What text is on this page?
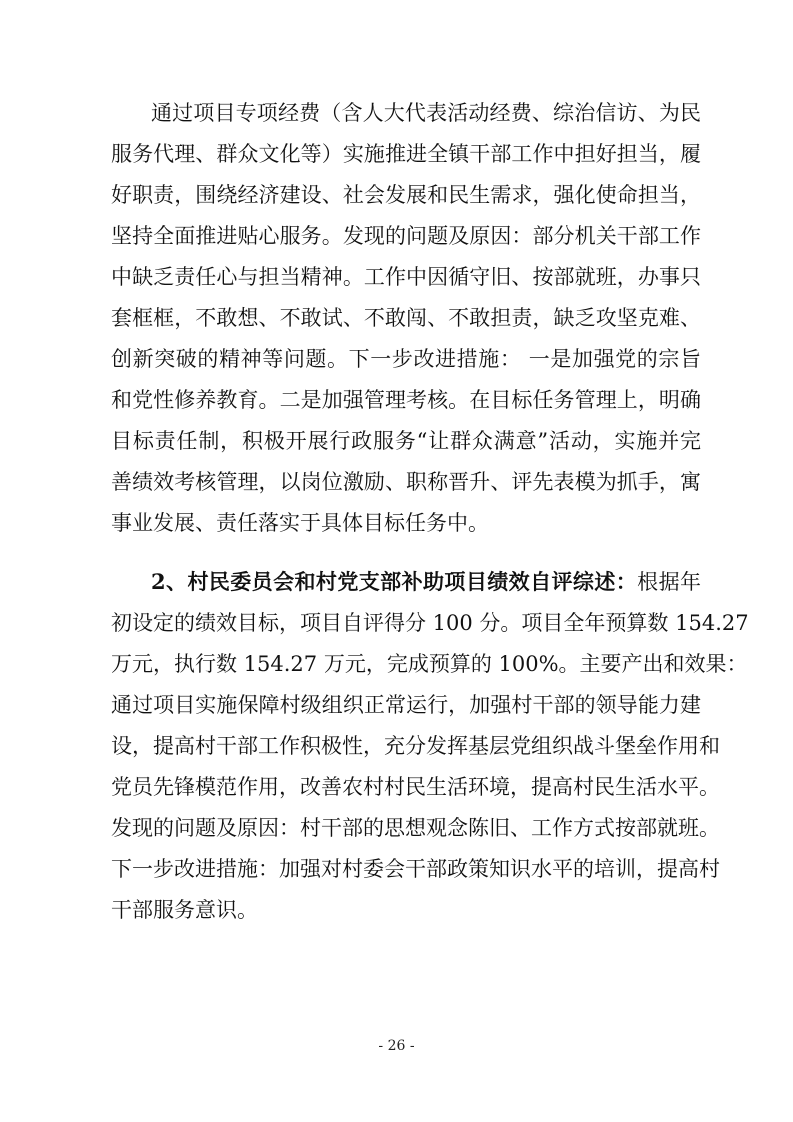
通过项目专项经费（含人大代表活动经费、综治信访、为民
服务代理、群众文化等）实施推进全镇干部工作中担好担当，履
好职责，围绕经济建设、社会发展和民生需求，强化使命担当，
坚持全面推进贴心服务。发现的问题及原因：部分机关干部工作
中缺乏责任心与担当精神。工作中因循守旧、按部就班，办事只
套框框，不敢想、不敢试、不敢闯、不敢担责，缺乏攻坚克难、
创新突破的精神等问题。下一步改进措施： 一是加强党的宗旨
和党性修养教育。二是加强管理考核。在目标任务管理上，明确
目标责任制，积极开展行政服务“让群众满意”活动，实施并完
善绩效考核管理，以岗位激励、职称晋升、评先表模为抓手，寓
事业发展、责任落实于具体目标任务中。
2、村民委员会和村党支部补助项目绩效自评综述：根据年
初设定的绩效目标，项目自评得分 100 分。项目全年预算数 154.27
万元，执行数 154.27 万元，完成预算的 100%。主要产出和效果：
通过项目实施保障村级组织正常运行，加强村干部的领导能力建
设，提高村干部工作积极性，充分发挥基层党组织战斗堡垒作用和
党员先锋模范作用，改善农村村民生活环境，提高村民生活水平。
发现的问题及原因：村干部的思想观念陈旧、工作方式按部就班。
下一步改进措施：加强对村委会干部政策知识水平的培训，提高村
干部服务意识。
- 26 -
